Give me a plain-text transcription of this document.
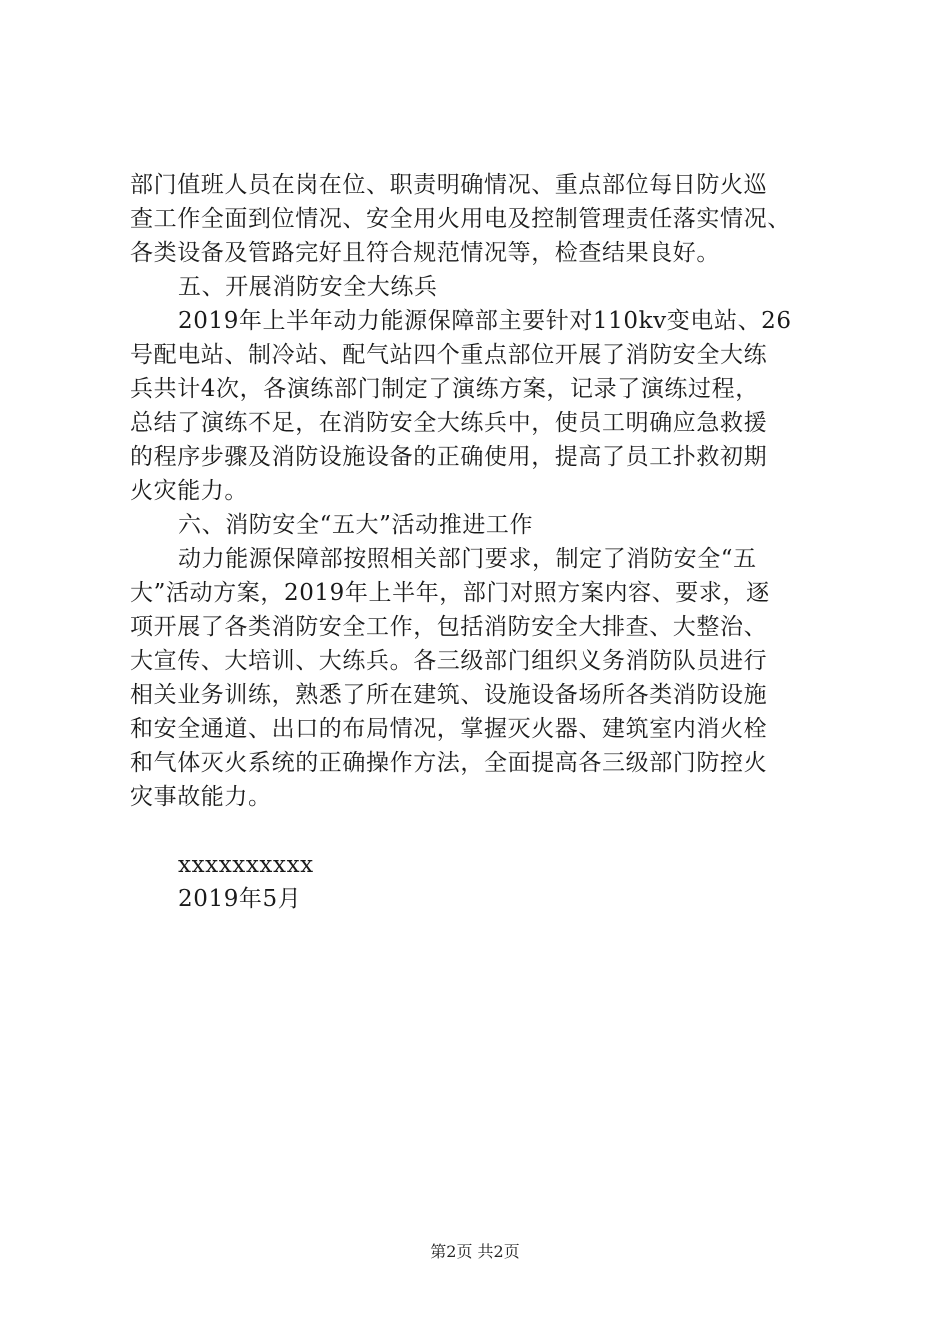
部门值班人员在岗在位、职责明确情况、重点部位每日防火巡
查工作全面到位情况、安全用火用电及控制管理责任落实情况、
各类设备及管路完好且符合规范情况等，检查结果良好。
五、开展消防安全大练兵
2019年上半年动力能源保障部主要针对110kv变电站、26
号配电站、制冷站、配气站四个重点部位开展了消防安全大练
兵共计4次，各演练部门制定了演练方案，记录了演练过程，
总结了演练不足，在消防安全大练兵中，使员工明确应急救援
的程序步骤及消防设施设备的正确使用，提高了员工扑救初期
火灾能力。
六、消防安全“五大”活动推进工作
动力能源保障部按照相关部门要求，制定了消防安全“五
大”活动方案，2019年上半年，部门对照方案内容、要求，逐
项开展了各类消防安全工作，包括消防安全大排查、大整治、
大宣传、大培训、大练兵。各三级部门组织义务消防队员进行
相关业务训练，熟悉了所在建筑、设施设备场所各类消防设施
和安全通道、出口的布局情况，掌握灭火器、建筑室内消火栓
和气体灭火系统的正确操作方法，全面提高各三级部门防控火
灾事故能力。
xxxxxxxxxx
2019年5月
第2页 共2页
